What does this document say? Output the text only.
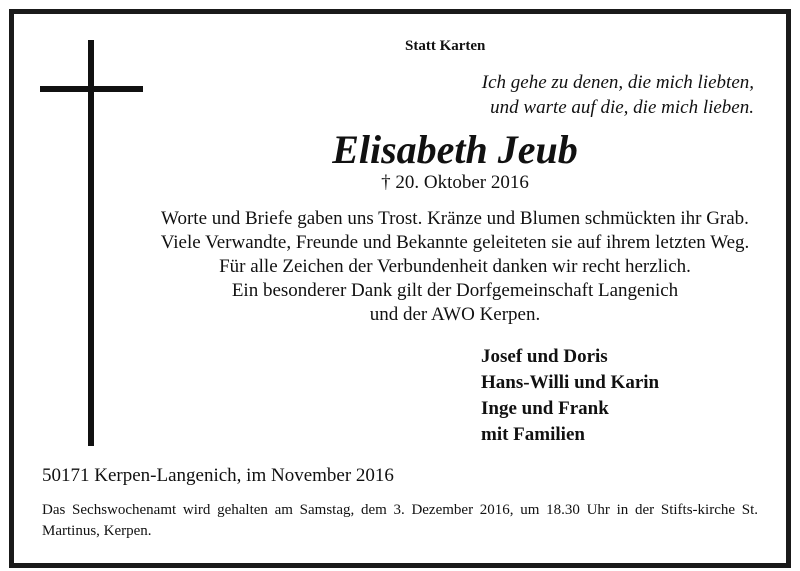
Statt Karten
Ich gehe zu denen, die mich liebten,
und warte auf die, die mich lieben.
Elisabeth Jeub
† 20. Oktober 2016
Worte und Briefe gaben uns Trost. Kränze und Blumen schmückten ihr Grab.
Viele Verwandte, Freunde und Bekannte geleiteten sie auf ihrem letzten Weg.
Für alle Zeichen der Verbundenheit danken wir recht herzlich.
Ein besonderer Dank gilt der Dorfgemeinschaft Langenich
und der AWO Kerpen.
Josef und Doris
Hans-Willi und Karin
Inge und Frank
mit Familien
50171 Kerpen-Langenich, im November 2016
Das Sechswochenamt wird gehalten am Samstag, dem 3. Dezember 2016, um 18.30 Uhr in der Stifts-kirche St. Martinus, Kerpen.
